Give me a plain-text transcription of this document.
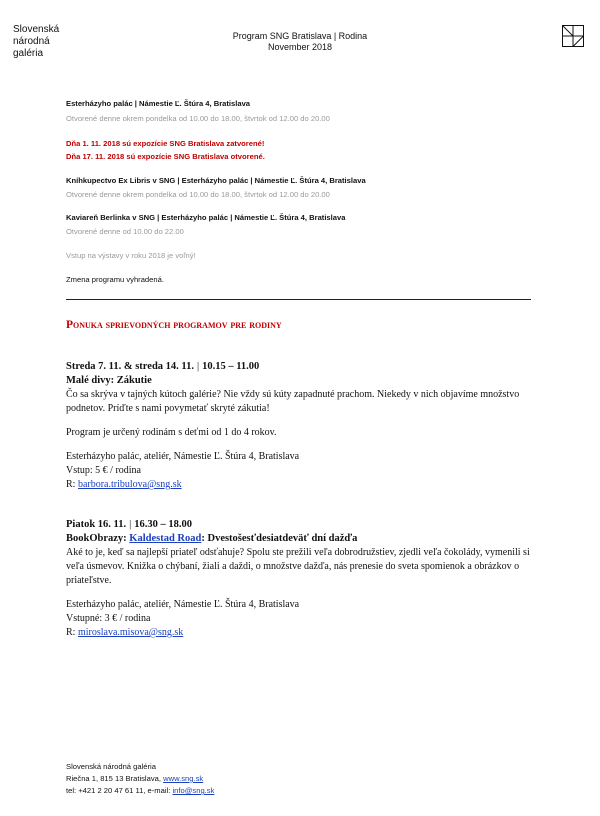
Slovenská
národná
galéria
Program SNG Bratislava | Rodina
November 2018
Esterházyho palác | Námestie Ľ. Štúra 4, Bratislava
Otvorené denne okrem pondelka od 10.00 do 18.00, štvrtok od 12.00 do 20.00
Dňa 1. 11. 2018 sú expozície SNG Bratislava zatvorené!
Dňa 17. 11. 2018 sú expozície SNG Bratislava otvorené.
Kníhkupectvo Ex Libris v SNG | Esterházyho palác | Námestie Ľ. Štúra 4, Bratislava
Otvorené denne okrem pondelka od 10.00 do 18.00, štvrtok od 12.00 do 20.00
Kaviareň Berlinka v SNG | Esterházyho palác | Námestie Ľ. Štúra 4, Bratislava
Otvorené denne od 10.00 do 22.00
Vstup na výstavy v roku 2018 je voľný!
Zmena programu vyhradená.
Ponuka sprievodných programov pre rodiny

Streda 7. 11. & streda 14. 11. | 10.15 – 11.00

Malé divy: Zákutie

Čo sa skrýva v tajných kútoch galérie? Nie vždy sú kúty zapadnuté prachom. Niekedy v nich objavíme množstvo podnetov. Príďte s nami povymetať skryté zákutia!

Program je určený rodinám s deťmi od 1 do 4 rokov.

Esterházyho palác, ateliér, Námestie Ľ. Štúra 4, Bratislava

Vstup: 5 € / rodina

R: barbora.tribulova@sng.sk

Piatok 16. 11. | 16.30 – 18.00

BookObrazy: Kaldestad Road: Dvestošesťdesiatdeväť dní dažďa

Aké to je, keď sa najlepší priateľ odsťahuje? Spolu ste prežili veľa dobrodružstiev, zjedli veľa čokolády, vymenili si veľa úsmevov. Knižka o chýbaní, žiali a daždi, o množstve dažďa, nás prenesie do sveta spomienok a obrázkov o priateľstve.

Esterházyho palác, ateliér, Námestie Ľ. Štúra 4, Bratislava

Vstupné: 3 € / rodina

R: miroslava.misova@sng.sk

Slovenská národná galéria
Riečna 1, 815 13 Bratislava, www.sng.sk
tel: +421 2 20 47 61 11, e-mail: info@sng.sk
